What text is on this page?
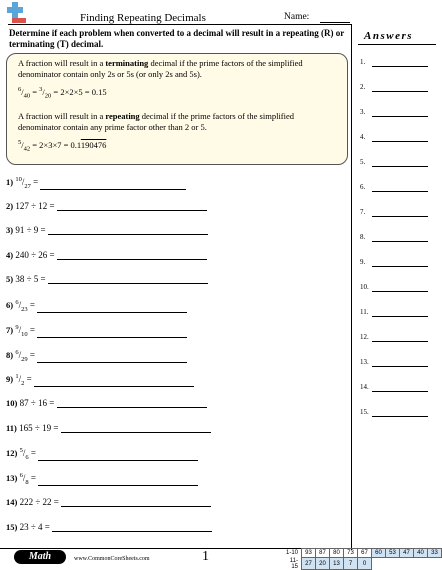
Finding Repeating Decimals	Name:
Answers
Determine if each problem when converted to a decimal will result in a repeating (R) or terminating (T) decimal.
A fraction will result in a terminating decimal if the prime factors of the simplified denominator contain only 2s or 5s (or only 2s and 5s).
$^6/_{40} = ^3/_{20} = 2\times 2\times 5 = 0.15$
A fraction will result in a repeating decimal if the prime factors of the simplified denominator contain any prime factor other than 2 or 5.
$^5/_{42} = 2\times 3\times 7 = 0.1190476$
1) $^{10}/_{27}$ =
2) 127 ÷ 12 =
3) 91 ÷ 9 =
4) 240 ÷ 26 =
5) 38 ÷ 5 =
6) $^6/_{23}$ =
7) $^9/_{10}$ =
8) $^6/_{29}$ =
9) $^1/_2$ =
10) 87 ÷ 16 =
11) 165 ÷ 19 =
12) $^5/_6$ =
13) $^6/_8$ =
14) 222 ÷ 22 =
15) 23 ÷ 4 =
1.
2.
3.
4.
5.
6.
7.
8.
9.
10.
11.
12.
13.
14.
15.
Math	www.CommonCoreSheets.com	1	1-10	93	87	80	73	67	60	53	47	40	33
11-15	27	20	13	7	0					
